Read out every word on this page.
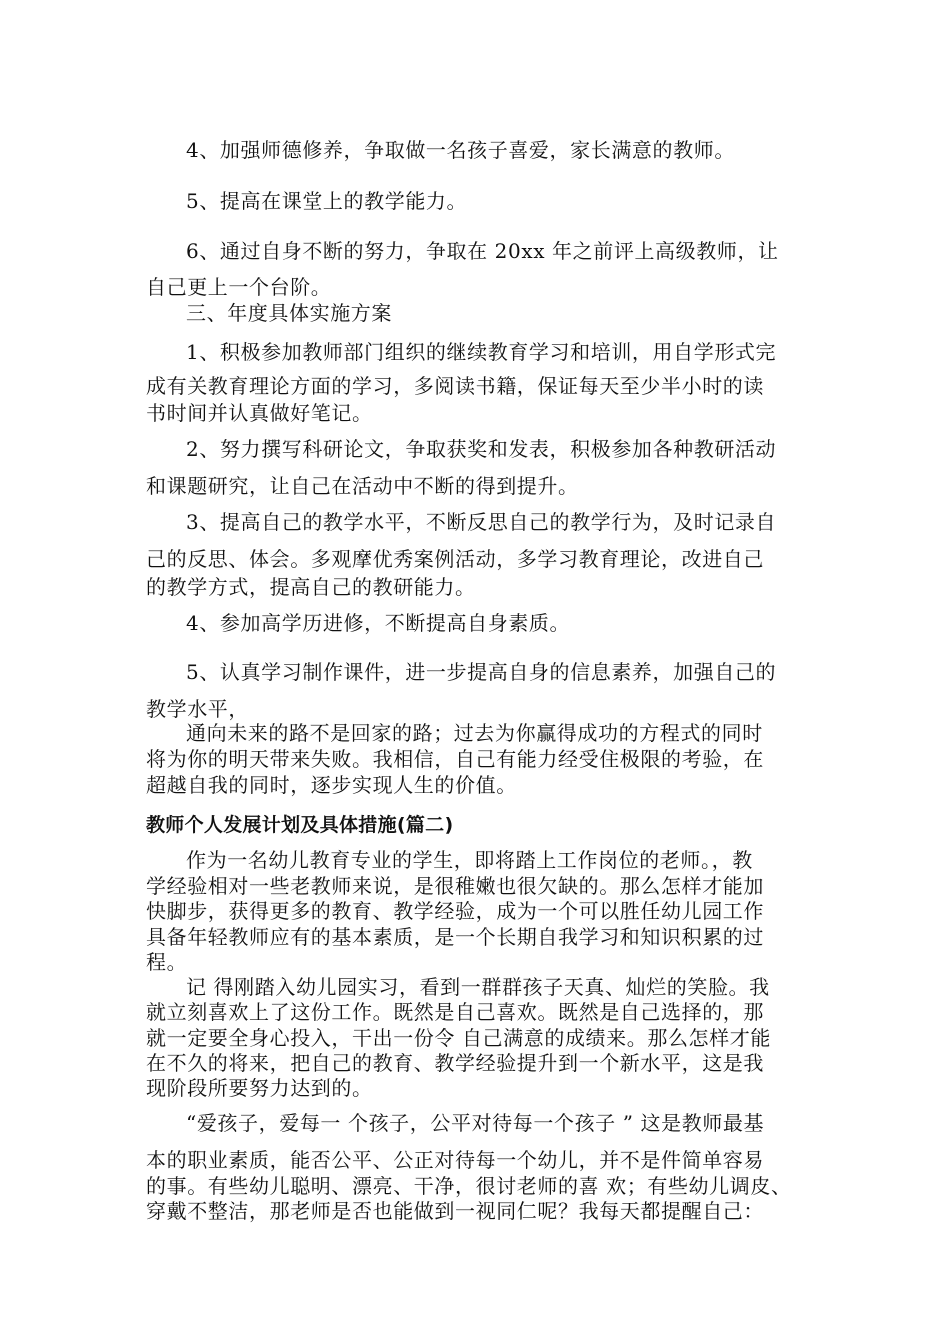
4、加强师德修养，争取做一名孩子喜爱，家长满意的教师。

5、提高在课堂上的教学能力。

6、通过自身不断的努力，争取在 20xx 年之前评上高级教师，让

自己更上一个台阶。

三、年度具体实施方案

1、积极参加教师部门组织的继续教育学习和培训，用自学形式完

成有关教育理论方面的学习，多阅读书籍，保证每天至少半小时的读

书时间并认真做好笔记。

2、努力撰写科研论文，争取获奖和发表，积极参加各种教研活动

和课题研究，让自己在活动中不断的得到提升。

3、提高自己的教学水平，不断反思自己的教学行为，及时记录自

己的反思、体会。多观摩优秀案例活动，多学习教育理论，改进自己

的教学方式，提高自己的教研能力。

4、参加高学历进修，不断提高自身素质。

5、认真学习制作课件，进一步提高自身的信息素养，加强自己的

教学水平，

通向未来的路不是回家的路；过去为你赢得成功的方程式的同时

将为你的明天带来失败。我相信，自己有能力经受住极限的考验，在

超越自我的同时，逐步实现人生的价值。

教师个人发展计划及具体措施(篇二)

作为一名幼儿教育专业的学生，即将踏上工作岗位的老师。，教

学经验相对一些老教师来说，是很稚嫩也很欠缺的。那么怎样才能加

快脚步，获得更多的教育、教学经验，成为一个可以胜任幼儿园工作

具备年轻教师应有的基本素质，是一个长期自我学习和知识积累的过

程。

记 得刚踏入幼儿园实习，看到一群群孩子天真、灿烂的笑脸。我

就立刻喜欢上了这份工作。既然是自己喜欢。既然是自己选择的，那

就一定要全身心投入，干出一份令 自己满意的成绩来。那么怎样才能

在不久的将来，把自己的教育、教学经验提升到一个新水平，这是我

现阶段所要努力达到的。

“爱孩子，爱每一 个孩子，公平对待每一个孩子 ” 这是教师最基

本的职业素质，能否公平、公正对待每一个幼儿，并不是件简单容易

的事。有些幼儿聪明、漂亮、干净，很讨老师的喜 欢；有些幼儿调皮、

穿戴不整洁，那老师是否也能做到一视同仁呢？我每天都提醒自己：
